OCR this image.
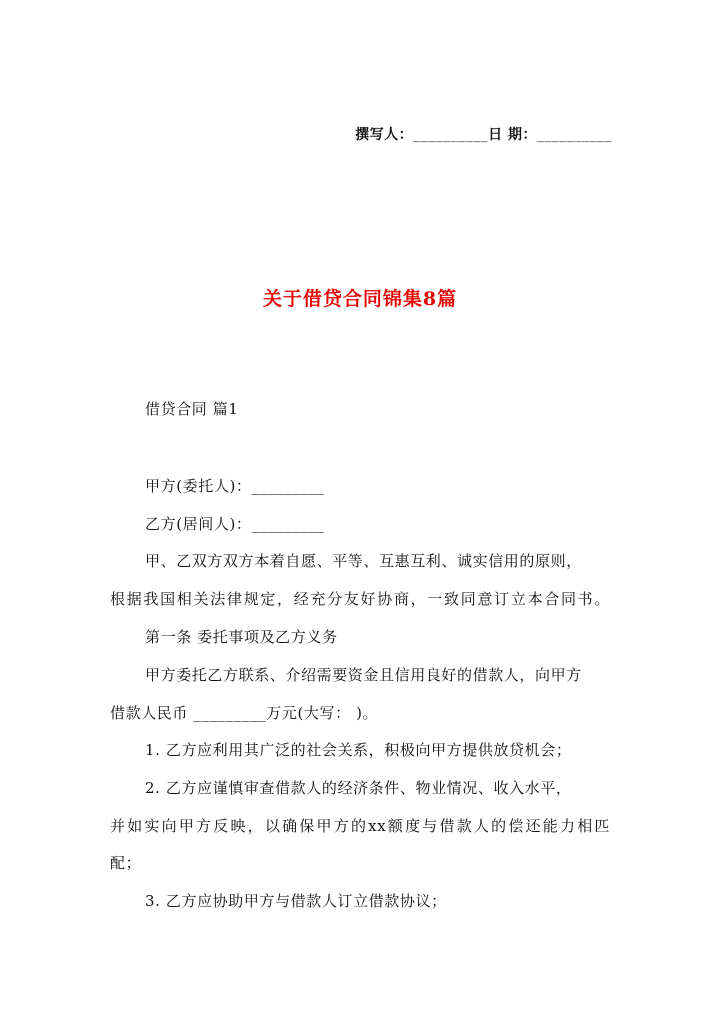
撰写人：__________日 期：__________
关于借贷合同锦集8篇
借贷合同 篇1
甲方(委托人)：_________
乙方(居间人)：_________
甲、乙双方双方本着自愿、平等、互惠互利、诚实信用的原则，
根据我国相关法律规定，经充分友好协商，一致同意订立本合同书。
第一条 委托事项及乙方义务
甲方委托乙方联系、介绍需要资金且信用良好的借款人，向甲方
借款人民币 _________万元(大写： )。
1. 乙方应利用其广泛的社会关系，积极向甲方提供放贷机会；
2. 乙方应谨慎审查借款人的经济条件、物业情况、收入水平，
并如实向甲方反映，以确保甲方的xx额度与借款人的偿还能力相匹
配；
3. 乙方应协助甲方与借款人订立借款协议；
